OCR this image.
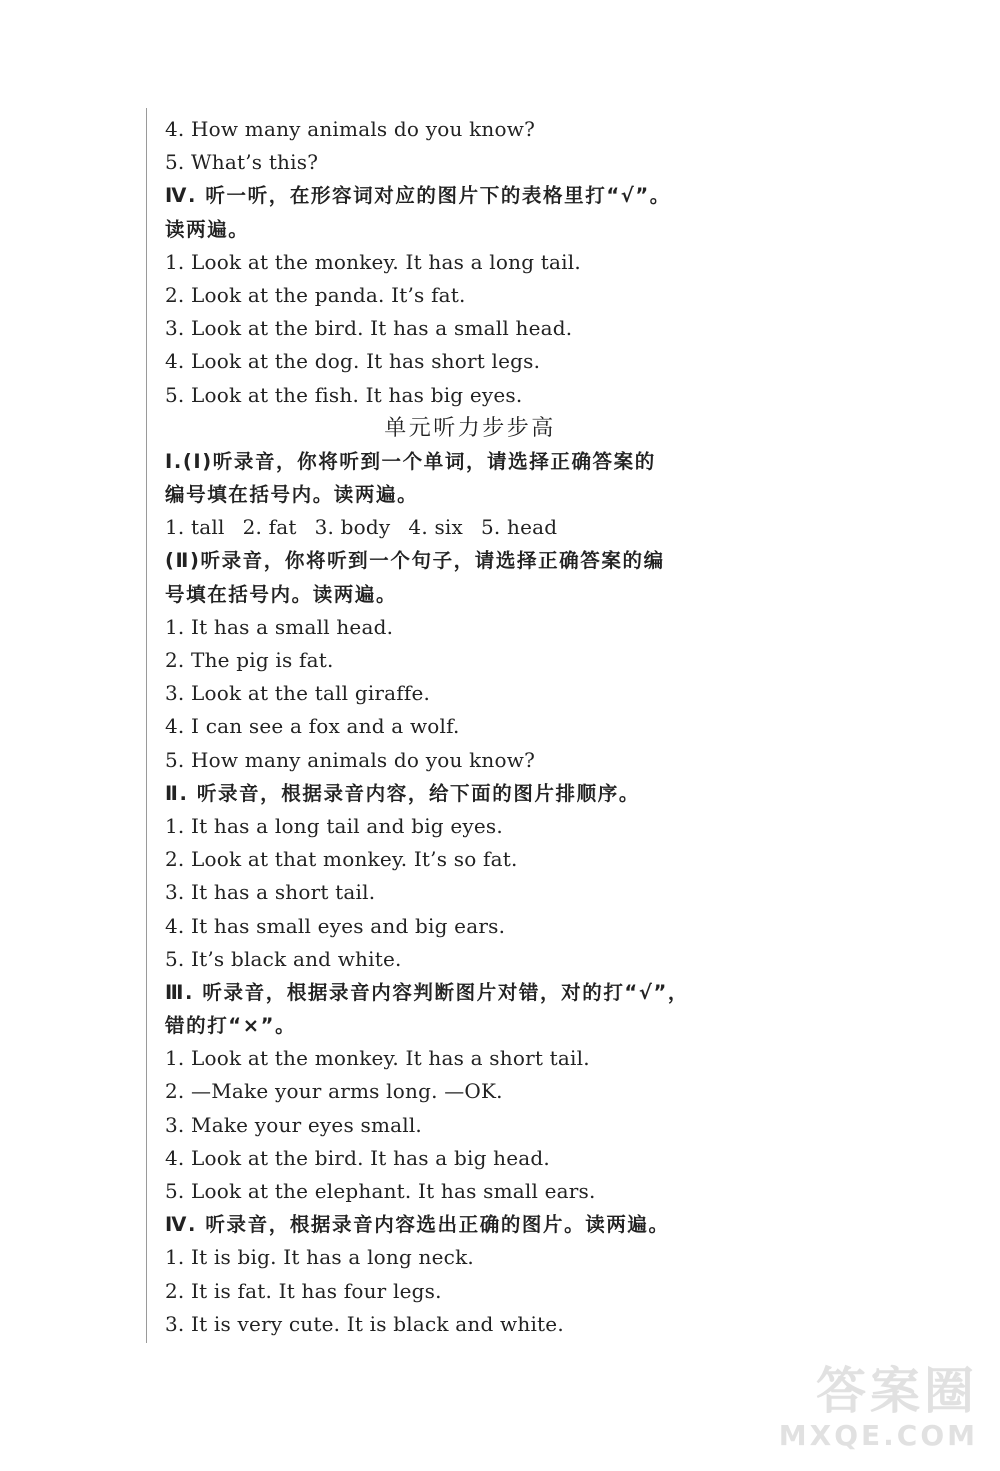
4. How many animals do you know?
5. What’s this?
Ⅳ. 听一听，在形容词对应的图片下的表格里打“√”。
读两遍。
1. Look at the monkey. It has a long tail.
2. Look at the panda. It’s fat.
3. Look at the bird. It has a small head.
4. Look at the dog. It has short legs.
5. Look at the fish. It has big eyes.
单元听力步步高
Ⅰ.(Ⅰ)听录音，你将听到一个单词，请选择正确答案的
编号填在括号内。读两遍。
1. tall 2. fat 3. body 4. six 5. head
(Ⅱ)听录音，你将听到一个句子，请选择正确答案的编
号填在括号内。读两遍。
1. It has a small head.
2. The pig is fat.
3. Look at the tall giraffe.
4. I can see a fox and a wolf.
5. How many animals do you know?
Ⅱ. 听录音，根据录音内容，给下面的图片排顺序。
1. It has a long tail and big eyes.
2. Look at that monkey. It’s so fat.
3. It has a short tail.
4. It has small eyes and big ears.
5. It’s black and white.
Ⅲ. 听录音，根据录音内容判断图片对错，对的打“√”，
错的打“×”。
1. Look at the monkey. It has a short tail.
2. —Make your arms long. —OK.
3. Make your eyes small.
4. Look at the bird. It has a big head.
5. Look at the elephant. It has small ears.
Ⅳ. 听录音，根据录音内容选出正确的图片。读两遍。
1. It is big. It has a long neck.
2. It is fat. It has four legs.
3. It is very cute. It is black and white.
答案圈
MXQE.COM
